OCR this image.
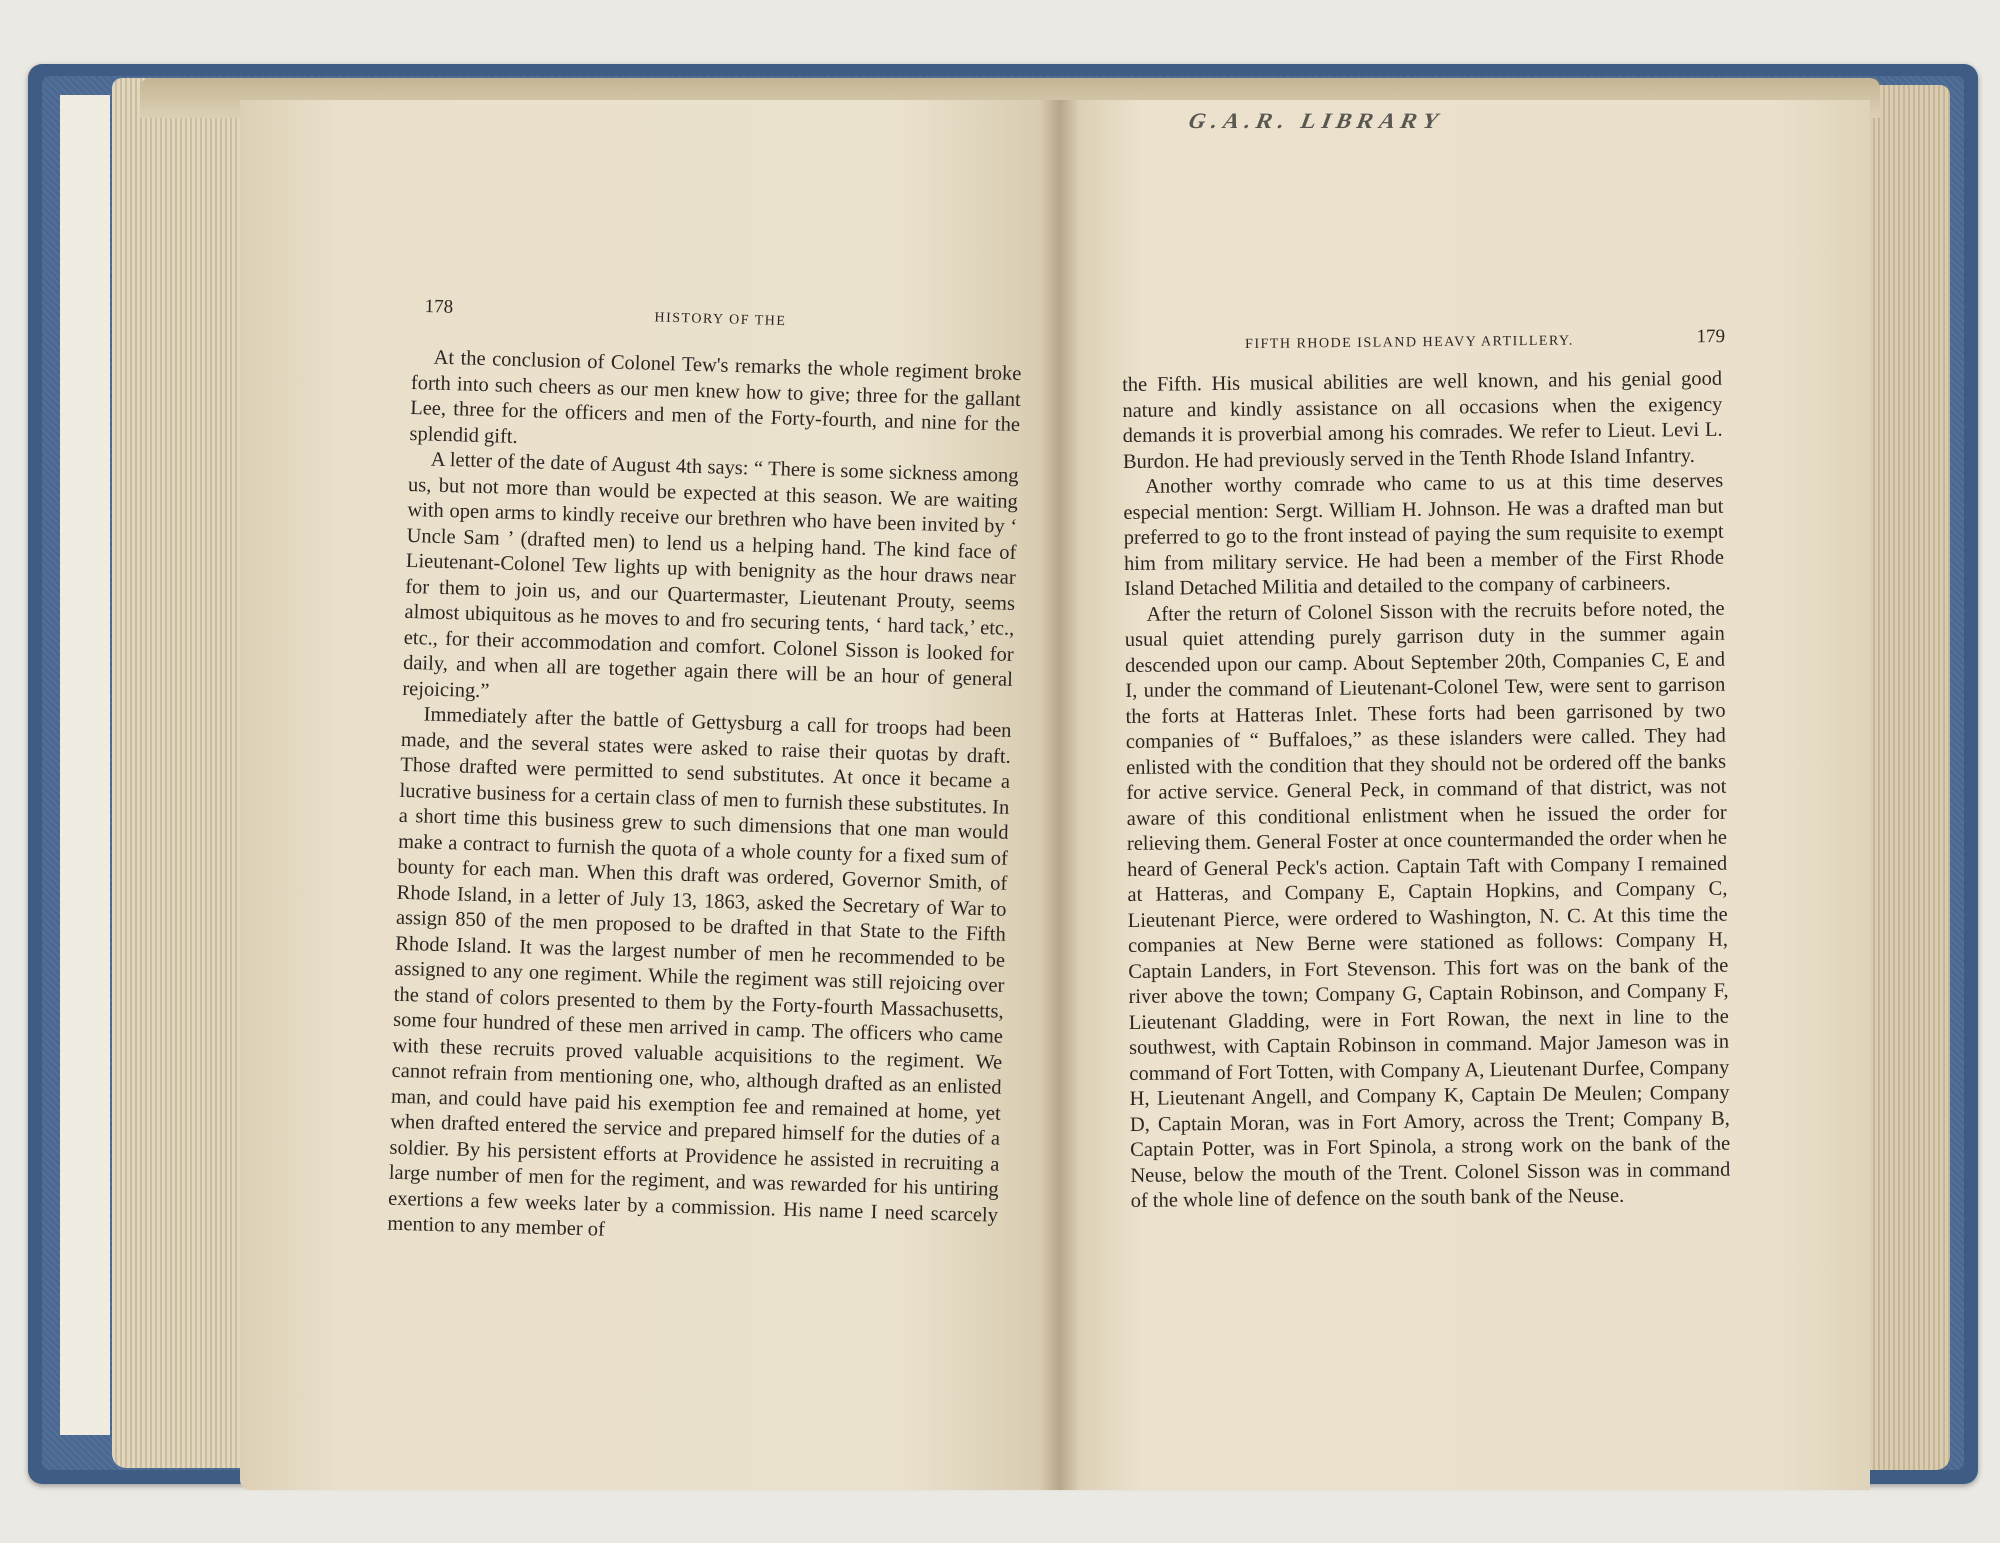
G.A.R. LIBRARY
178
HISTORY OF THE

At the conclusion of Colonel Tew's remarks the whole regiment broke forth into such cheers as our men knew how to give; three for the gallant Lee, three for the officers and men of the Forty-fourth, and nine for the splendid gift.

A letter of the date of August 4th says: “ There is some sickness among us, but not more than would be expected at this season. We are waiting with open arms to kindly receive our brethren who have been invited by ‘ Uncle Sam ’ (drafted men) to lend us a helping hand. The kind face of Lieutenant-Colonel Tew lights up with benignity as the hour draws near for them to join us, and our Quartermaster, Lieutenant Prouty, seems almost ubiquitous as he moves to and fro securing tents, ‘ hard tack,’ etc., etc., for their accommodation and comfort. Colonel Sisson is looked for daily, and when all are together again there will be an hour of general rejoicing.”

Immediately after the battle of Gettysburg a call for troops had been made, and the several states were asked to raise their quotas by draft. Those drafted were permitted to send substitutes. At once it became a lucrative business for a certain class of men to furnish these substitutes. In a short time this business grew to such dimensions that one man would make a contract to furnish the quota of a whole county for a fixed sum of bounty for each man. When this draft was ordered, Governor Smith, of Rhode Island, in a letter of July 13, 1863, asked the Secretary of War to assign 850 of the men proposed to be drafted in that State to the Fifth Rhode Island. It was the largest number of men he recommended to be assigned to any one regiment. While the regiment was still rejoicing over the stand of colors presented to them by the Forty-fourth Massachusetts, some four hundred of these men arrived in camp. The officers who came with these recruits proved valuable acquisitions to the regiment. We cannot refrain from mentioning one, who, although drafted as an enlisted man, and could have paid his exemption fee and remained at home, yet when drafted entered the service and prepared himself for the duties of a soldier. By his persistent efforts at Providence he assisted in recruiting a large number of men for the regiment, and was rewarded for his untiring exertions a few weeks later by a commission. His name I need scarcely mention to any member of

FIFTH RHODE ISLAND HEAVY ARTILLERY.	179

the Fifth. His musical abilities are well known, and his genial good nature and kindly assistance on all occasions when the exigency demands it is proverbial among his comrades. We refer to Lieut. Levi L. Burdon. He had previously served in the Tenth Rhode Island Infantry.

Another worthy comrade who came to us at this time deserves especial mention: Sergt. William H. Johnson. He was a drafted man but preferred to go to the front instead of paying the sum requisite to exempt him from military service. He had been a member of the First Rhode Island Detached Militia and detailed to the company of carbineers.

After the return of Colonel Sisson with the recruits before noted, the usual quiet attending purely garrison duty in the summer again descended upon our camp. About September 20th, Companies C, E and I, under the command of Lieutenant-Colonel Tew, were sent to garrison the forts at Hatteras Inlet. These forts had been garrisoned by two companies of “ Buffaloes,” as these islanders were called. They had enlisted with the condition that they should not be ordered off the banks for active service. General Peck, in command of that district, was not aware of this conditional enlistment when he issued the order for relieving them. General Foster at once countermanded the order when he heard of General Peck's action. Captain Taft with Company I remained at Hatteras, and Company E, Captain Hopkins, and Company C, Lieutenant Pierce, were ordered to Washington, N. C. At this time the companies at New Berne were stationed as follows: Company H, Captain Landers, in Fort Stevenson. This fort was on the bank of the river above the town; Company G, Captain Robinson, and Company F, Lieutenant Gladding, were in Fort Rowan, the next in line to the southwest, with Captain Robinson in command. Major Jameson was in command of Fort Totten, with Company A, Lieutenant Durfee, Company H, Lieutenant Angell, and Company K, Captain De Meulen; Company D, Captain Moran, was in Fort Amory, across the Trent; Company B, Captain Potter, was in Fort Spinola, a strong work on the bank of the Neuse, below the mouth of the Trent. Colonel Sisson was in command of the whole line of defence on the south bank of the Neuse.
